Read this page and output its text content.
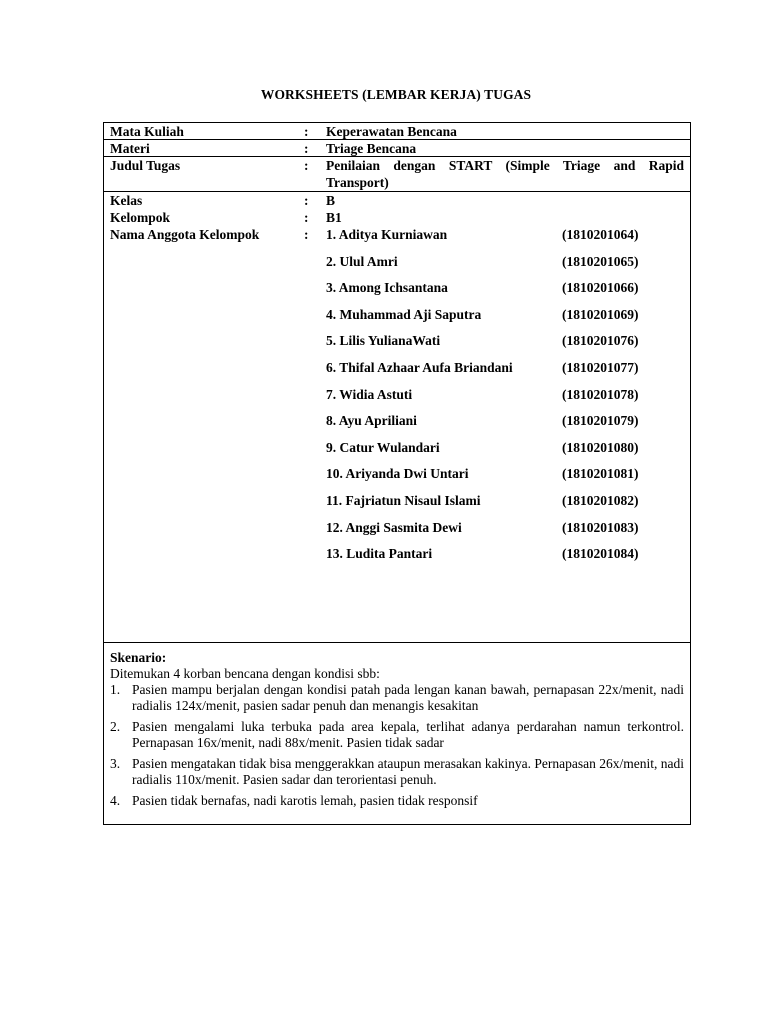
WORKSHEETS (LEMBAR KERJA) TUGAS
Mata Kuliah	:	Keperawatan Bencana
Materi	:	Triage Bencana
Judul Tugas	:	Penilaian dengan START (Simple Triage and Rapid Transport)
Kelas	:	B
Kelompok	:	B1
Nama Anggota Kelompok	:	1. Aditya Kurniawan	(1810201064)
2. Ulul Amri	(1810201065)
3. Among Ichsantana	(1810201066)
4. Muhammad Aji Saputra	(1810201069)
5. Lilis YulianaWati	(1810201076)
6. Thifal Azhaar Aufa Briandani	(1810201077)
7. Widia Astuti	(1810201078)
8. Ayu Apriliani	(1810201079)
9. Catur Wulandari	(1810201080)
10. Ariyanda Dwi Untari	(1810201081)
11. Fajriatun Nisaul Islami	(1810201082)
12. Anggi Sasmita Dewi	(1810201083)
13. Ludita Pantari	(1810201084)
Skenario:
Ditemukan 4 korban bencana dengan kondisi sbb:
1. Pasien mampu berjalan dengan kondisi patah pada lengan kanan bawah, pernapasan 22x/menit, nadi radialis 124x/menit, pasien sadar penuh dan menangis kesakitan
2. Pasien mengalami luka terbuka pada area kepala, terlihat adanya perdarahan namun terkontrol. Pernapasan 16x/menit, nadi 88x/menit. Pasien tidak sadar
3. Pasien mengatakan tidak bisa menggerakkan ataupun merasakan kakinya. Pernapasan 26x/menit, nadi radialis 110x/menit. Pasien sadar dan terorientasi penuh.
4. Pasien tidak bernafas, nadi karotis lemah, pasien tidak responsif
